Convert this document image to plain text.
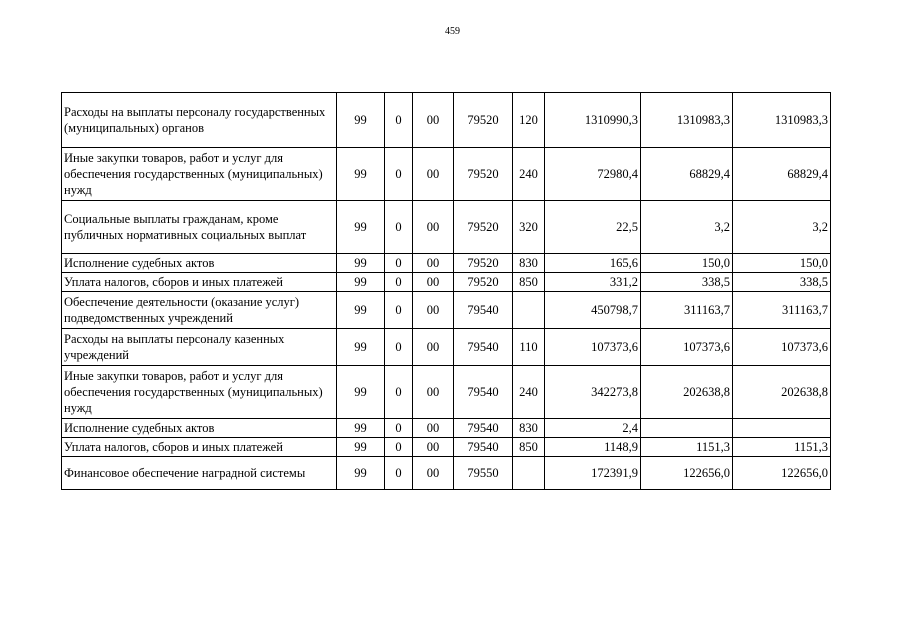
459
Расходы на выплаты персоналу государственных (муниципальных) органов	99	0	00	79520	120	1310990,3	1310983,3	1310983,3
Иные закупки товаров, работ и услуг для обеспечения государственных (муниципальных) нужд	99	0	00	79520	240	72980,4	68829,4	68829,4
Социальные выплаты гражданам, кроме публичных нормативных социальных выплат	99	0	00	79520	320	22,5	3,2	3,2
Исполнение судебных актов	99	0	00	79520	830	165,6	150,0	150,0
Уплата налогов, сборов и иных платежей	99	0	00	79520	850	331,2	338,5	338,5
Обеспечение деятельности (оказание услуг) подведомственных учреждений	99	0	00	79540		450798,7	311163,7	311163,7
Расходы на выплаты персоналу казенных учреждений	99	0	00	79540	110	107373,6	107373,6	107373,6
Иные закупки товаров, работ и услуг для обеспечения государственных (муниципальных) нужд	99	0	00	79540	240	342273,8	202638,8	202638,8
Исполнение судебных актов	99	0	00	79540	830	2,4		
Уплата налогов, сборов и иных платежей	99	0	00	79540	850	1148,9	1151,3	1151,3
Финансовое обеспечение наградной системы	99	0	00	79550		172391,9	122656,0	122656,0
